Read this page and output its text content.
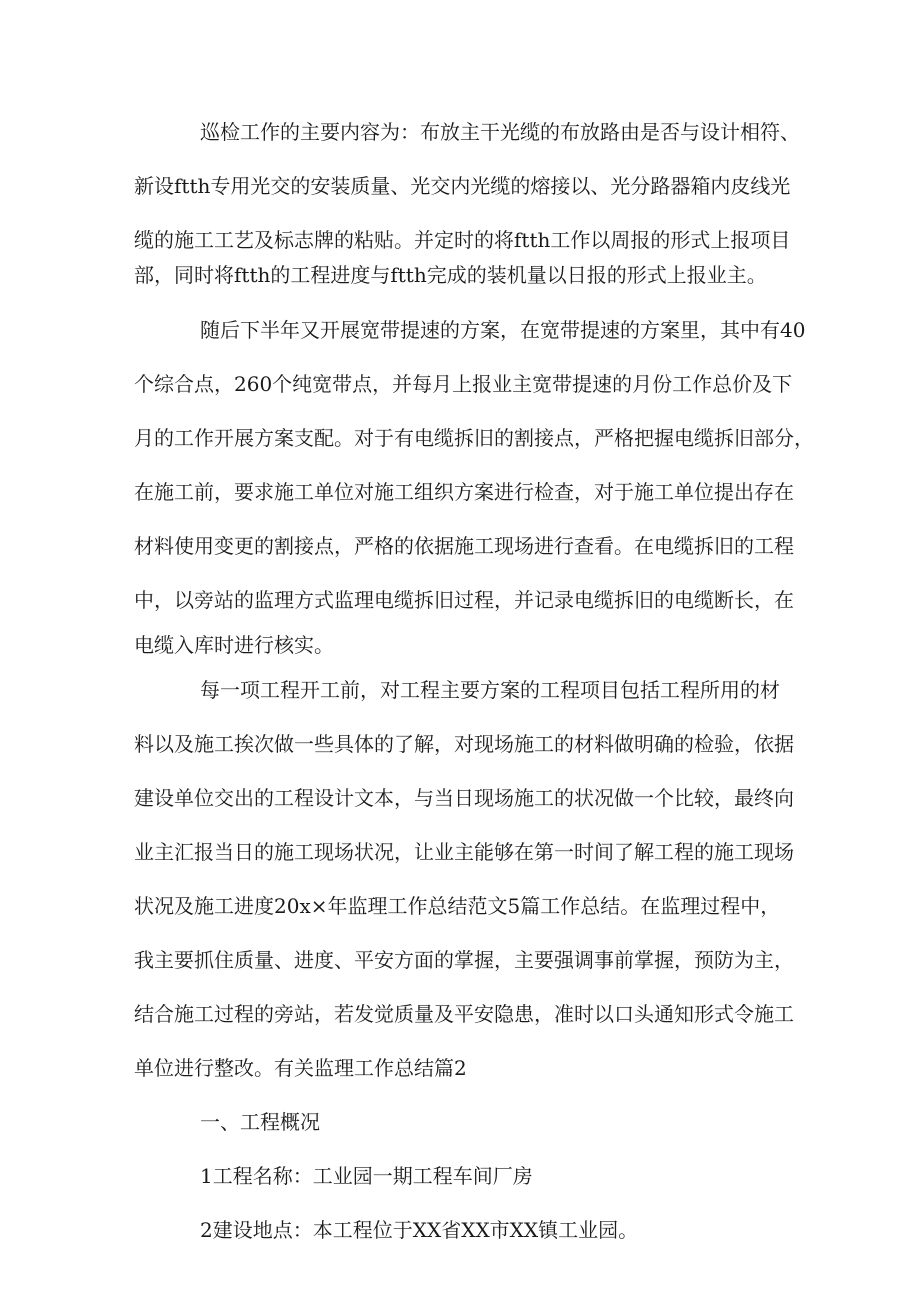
巡检工作的主要内容为：布放主干光缆的布放路由是否与设计相符、
新设ftth专用光交的安装质量、光交内光缆的熔接以、光分路器箱内皮线光
缆的施工工艺及标志牌的粘贴。并定时的将ftth工作以周报的形式上报项目
部，同时将ftth的工程进度与ftth完成的装机量以日报的形式上报业主。
随后下半年又开展宽带提速的方案，在宽带提速的方案里，其中有40
个综合点，260个纯宽带点，并每月上报业主宽带提速的月份工作总价及下
月的工作开展方案支配。对于有电缆拆旧的割接点，严格把握电缆拆旧部分，
在施工前，要求施工单位对施工组织方案进行检查，对于施工单位提出存在
材料使用变更的割接点，严格的依据施工现场进行查看。在电缆拆旧的工程
中，以旁站的监理方式监理电缆拆旧过程，并记录电缆拆旧的电缆断长，在
电缆入库时进行核实。
每一项工程开工前，对工程主要方案的工程项目包括工程所用的材
料以及施工挨次做一些具体的了解，对现场施工的材料做明确的检验，依据
建设单位交出的工程设计文本，与当日现场施工的状况做一个比较，最终向
业主汇报当日的施工现场状况，让业主能够在第一时间了解工程的施工现场
状况及施工进度20x×年监理工作总结范文5篇工作总结。在监理过程中，
我主要抓住质量、进度、平安方面的掌握，主要强调事前掌握，预防为主，
结合施工过程的旁站，若发觉质量及平安隐患，准时以口头通知形式令施工
单位进行整改。有关监理工作总结篇2
一、工程概况
1工程名称：工业园一期工程车间厂房
2建设地点：本工程位于XX省XX市XX镇工业园。
